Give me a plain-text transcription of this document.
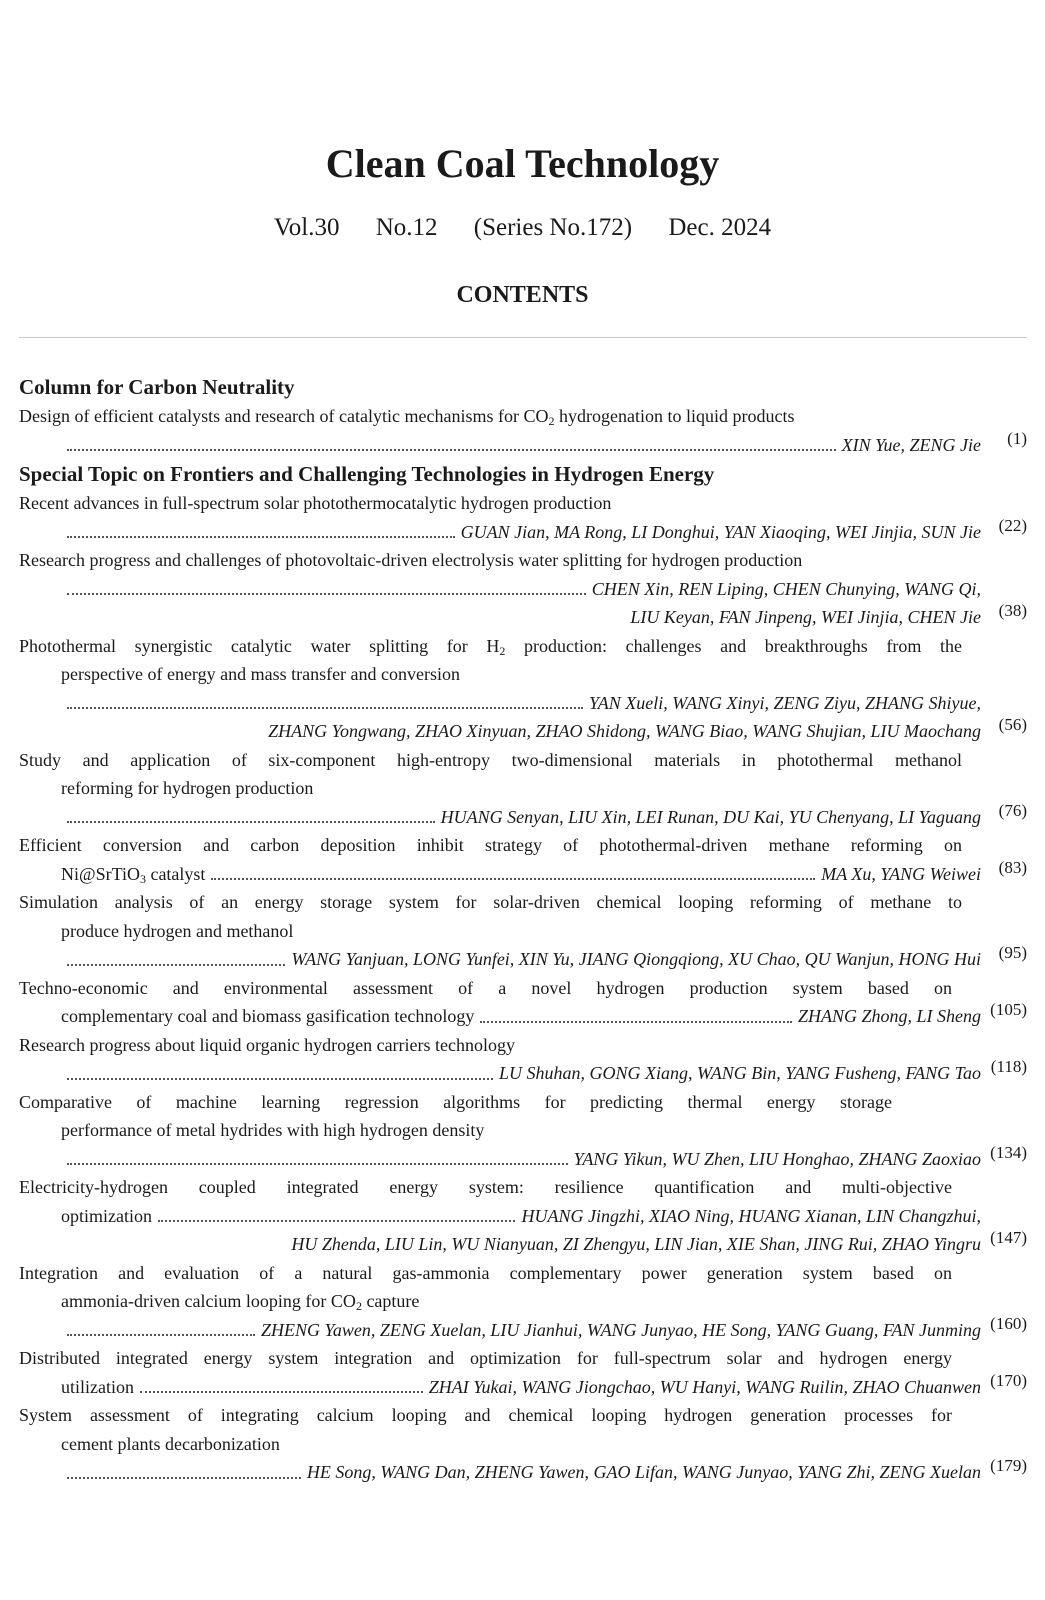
Clean Coal Technology

Vol.30 No.12 (Series No.172) Dec. 2024

CONTENTS
Column for Carbon Neutrality
Design of efficient catalysts and research of catalytic mechanisms for $CO_2$ hydrogenation to liquid products
XIN Yue, ZENG Jie	(1)
Special Topic on Frontiers and Challenging Technologies in Hydrogen Energy
Recent advances in full-spectrum solar photothermocatalytic hydrogen production
GUAN Jian, MA Rong, LI Donghui, YAN Xiaoqing, WEI Jinjia, SUN Jie	(22)
Research progress and challenges of photovoltaic-driven electrolysis water splitting for hydrogen production
CHEN Xin, REN Liping, CHEN Chunying, WANG Qi,
LIU Keyan, FAN Jinpeng, WEI Jinjia, CHEN Jie	(38)
Photothermal synergistic catalytic water splitting for $H_2$ production: challenges and breakthroughs from the
perspective of energy and mass transfer and conversion
YAN Xueli, WANG Xinyi, ZENG Ziyu, ZHANG Shiyue,
ZHANG Yongwang, ZHAO Xinyuan, ZHAO Shidong, WANG Biao, WANG Shujian, LIU Maochang	(56)
Study and application of six-component high-entropy two-dimensional materials in photothermal methanol
reforming for hydrogen production
HUANG Senyan, LIU Xin, LEI Runan, DU Kai, YU Chenyang, LI Yaguang	(76)
Efficient conversion and carbon deposition inhibit strategy of photothermal-driven methane reforming on
Ni@SrTiO$_3$ catalyst	MA Xu, YANG Weiwei	(83)
Simulation analysis of an energy storage system for solar-driven chemical looping reforming of methane to
produce hydrogen and methanol
WANG Yanjuan, LONG Yunfei, XIN Yu, JIANG Qiongqiong, XU Chao, QU Wanjun, HONG Hui	(95)
Techno-economic and environmental assessment of a novel hydrogen production system based on
complementary coal and biomass gasification technology	ZHANG Zhong, LI Sheng (105)
Research progress about liquid organic hydrogen carriers technology
LU Shuhan, GONG Xiang, WANG Bin, YANG Fusheng, FANG Tao (118)
Comparative of machine learning regression algorithms for predicting thermal energy storage
performance of metal hydrides with high hydrogen density
YANG Yikun, WU Zhen, LIU Honghao, ZHANG Zaoxiao (134)
Electricity-hydrogen coupled integrated energy system: resilience quantification and multi-objective
optimization	HUANG Jingzhi, XIAO Ning, HUANG Xianan, LIN Changzhui,
HU Zhenda, LIU Lin, WU Nianyuan, ZI Zhengyu, LIN Jian, XIE Shan, JING Rui, ZHAO Yingru (147)
Integration and evaluation of a natural gas-ammonia complementary power generation system based on
ammonia-driven calcium looping for $CO_2$ capture
ZHENG Yawen, ZENG Xuelan, LIU Jianhui, WANG Junyao, HE Song, YANG Guang, FAN Junming (160)
Distributed integrated energy system integration and optimization for full-spectrum solar and hydrogen energy
utilization	ZHAI Yukai, WANG Jiongchao, WU Hanyi, WANG Ruilin, ZHAO Chuanwen (170)
System assessment of integrating calcium looping and chemical looping hydrogen generation processes for
cement plants decarbonization
HE Song, WANG Dan, ZHENG Yawen, GAO Lifan, WANG Junyao, YANG Zhi, ZENG Xuelan (179)
